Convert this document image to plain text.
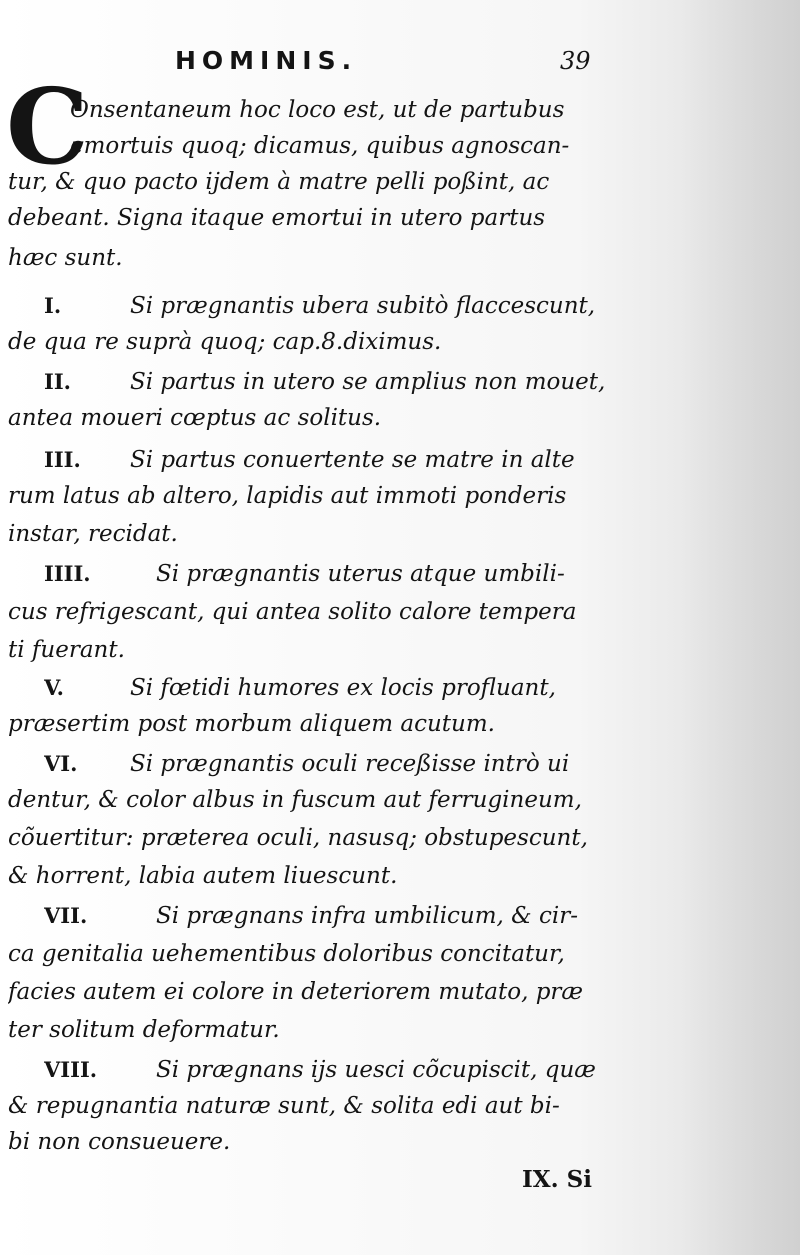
HOMINIS.	39
C
Onsentaneum hoc loco est, ut de partubus
emortuis quoq; dicamus, quibus agnoscan-
tur, & quo pacto ijdem à matre pelli poßint, ac
debeant. Signa itaque emortui in utero partus
hæc sunt.
I.	Si prægnantis ubera subitò flaccescunt,
de qua re suprà quoq; cap.8.diximus.
II.	Si partus in utero se amplius non mouet,
antea moueri cœptus ac solitus.
III. Si partus conuertente se matre in alte
rum latus ab altero, lapidis aut immoti ponderis
instar, recidat.
IIII.	Si prægnantis uterus atque umbili-
cus refrigescant, qui antea solito calore tempera
ti fuerant.
V.	Si fœtidi humores ex locis profluant,
præsertim post morbum aliquem acutum.
VI. Si prægnantis oculi receßisse intrò ui
dentur, & color albus in fuscum aut ferrugineum,
cõuertitur: præterea oculi, nasusq; obstupescunt,
& horrent, labia autem liuescunt.
VII.	Si prægnans infra umbilicum, & cir-
ca genitalia uehementibus doloribus concitatur,
facies autem ei colore in deteriorem mutato, præ
ter solitum deformatur.
VIII.	Si prægnans ijs uesci cõcupiscit, quæ
& repugnantia naturæ sunt, & solita edi aut bi-
bi non consueuere.
IX. Si
